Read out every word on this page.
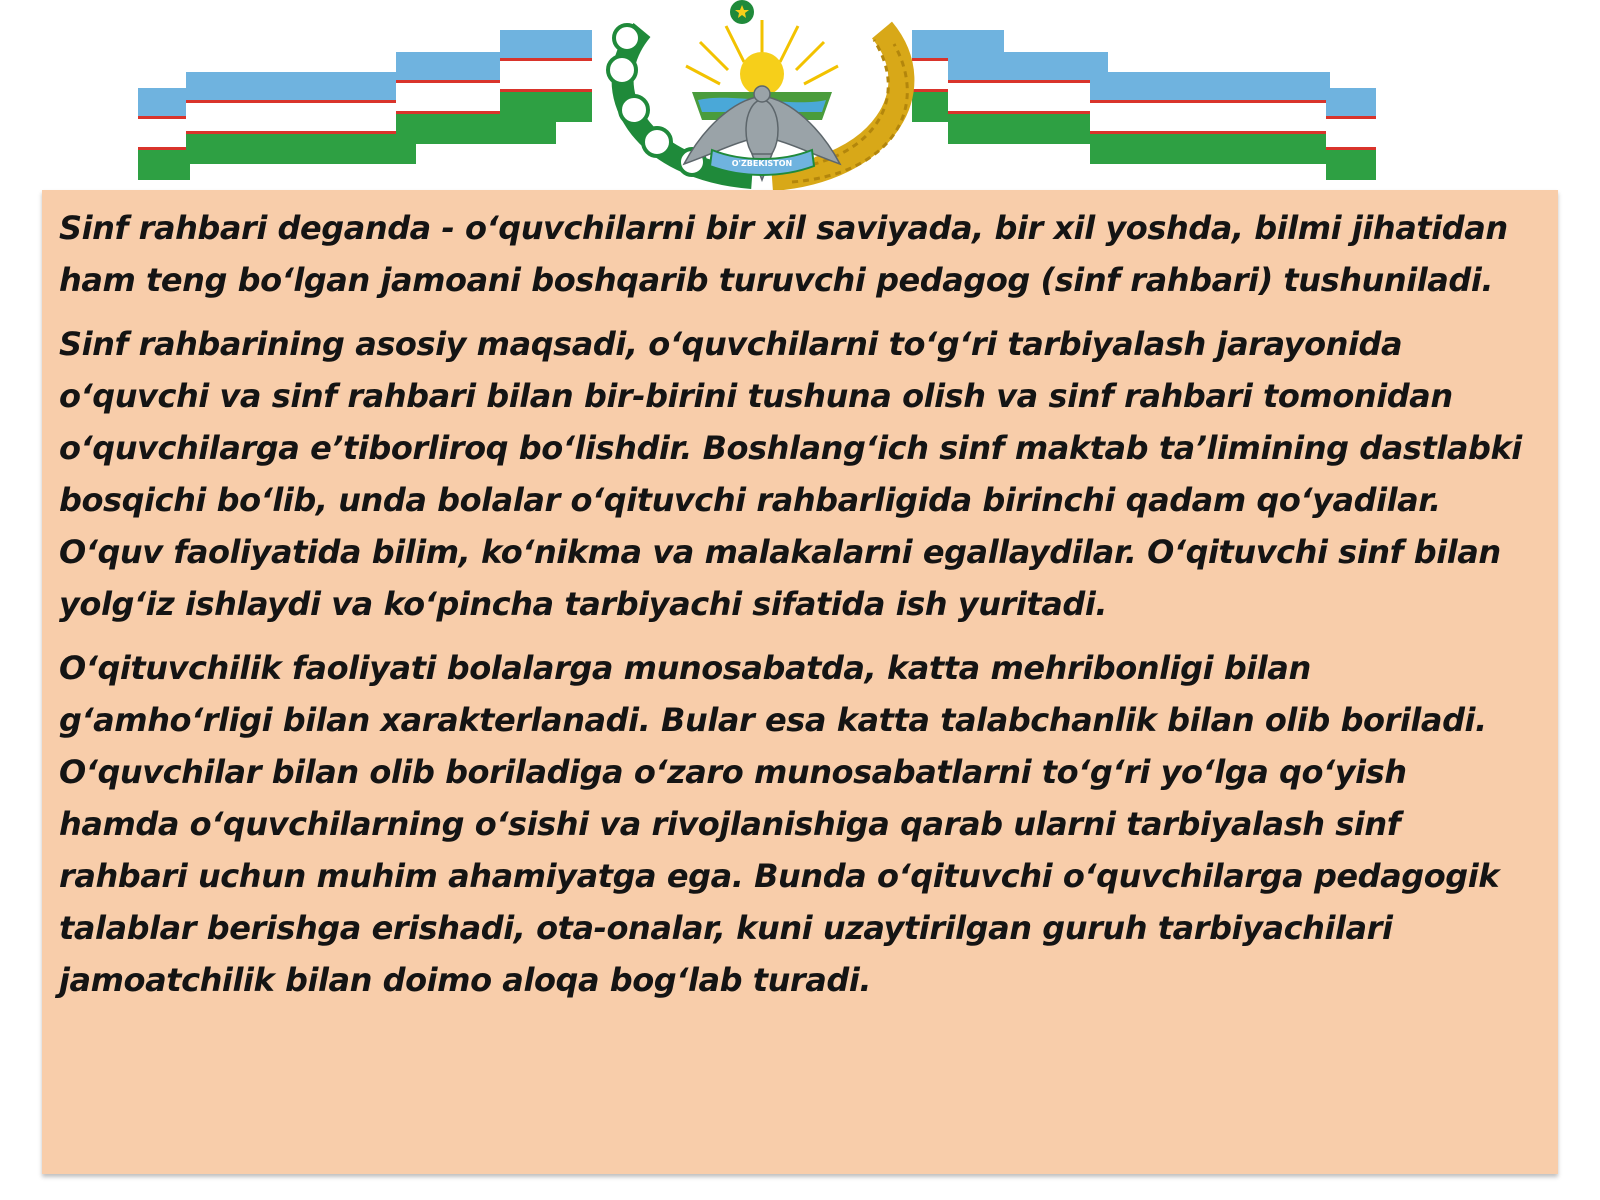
O'ZBEKISTON

Sinf rahbari deganda - o‘quvchilarni bir xil saviyada, bir xil yoshda, bilmi jihatidan ham teng bo‘lgan jamoani boshqarib turuvchi pedagog (sinf rahbari) tushuniladi.

Sinf rahbarining asosiy maqsadi, o‘quvchilarni to‘g‘ri tarbiyalash jarayonida o‘quvchi va sinf rahbari bilan bir-birini tushuna olish va sinf rahbari tomonidan o‘quvchilarga e’tiborliroq bo‘lishdir. Boshlang‘ich sinf maktab ta’limining dastlabki bosqichi bo‘lib, unda bolalar o‘qituvchi rahbarligida birinchi qadam qo‘yadilar. O‘quv faoliyatida bilim, ko‘nikma va malakalarni egallaydilar. O‘qituvchi sinf bilan yolg‘iz ishlaydi va ko‘pincha tarbiyachi sifatida ish yuritadi.

O‘qituvchilik faoliyati bolalarga munosabatda, katta mehribonligi bilan g‘amho‘rligi bilan xarakterlanadi. Bular esa katta talabchanlik bilan olib boriladi. O‘quvchilar bilan olib boriladiga o‘zaro munosabatlarni to‘g‘ri yo‘lga qo‘yish hamda o‘quvchilarning o‘sishi va rivojlanishiga qarab ularni tarbiyalash sinf rahbari uchun muhim ahamiyatga ega. Bunda o‘qituvchi o‘quvchilarga pedagogik talablar berishga erishadi, ota-onalar, kuni uzaytirilgan guruh tarbiyachilari jamoatchilik bilan doimo aloqa bog‘lab turadi.
